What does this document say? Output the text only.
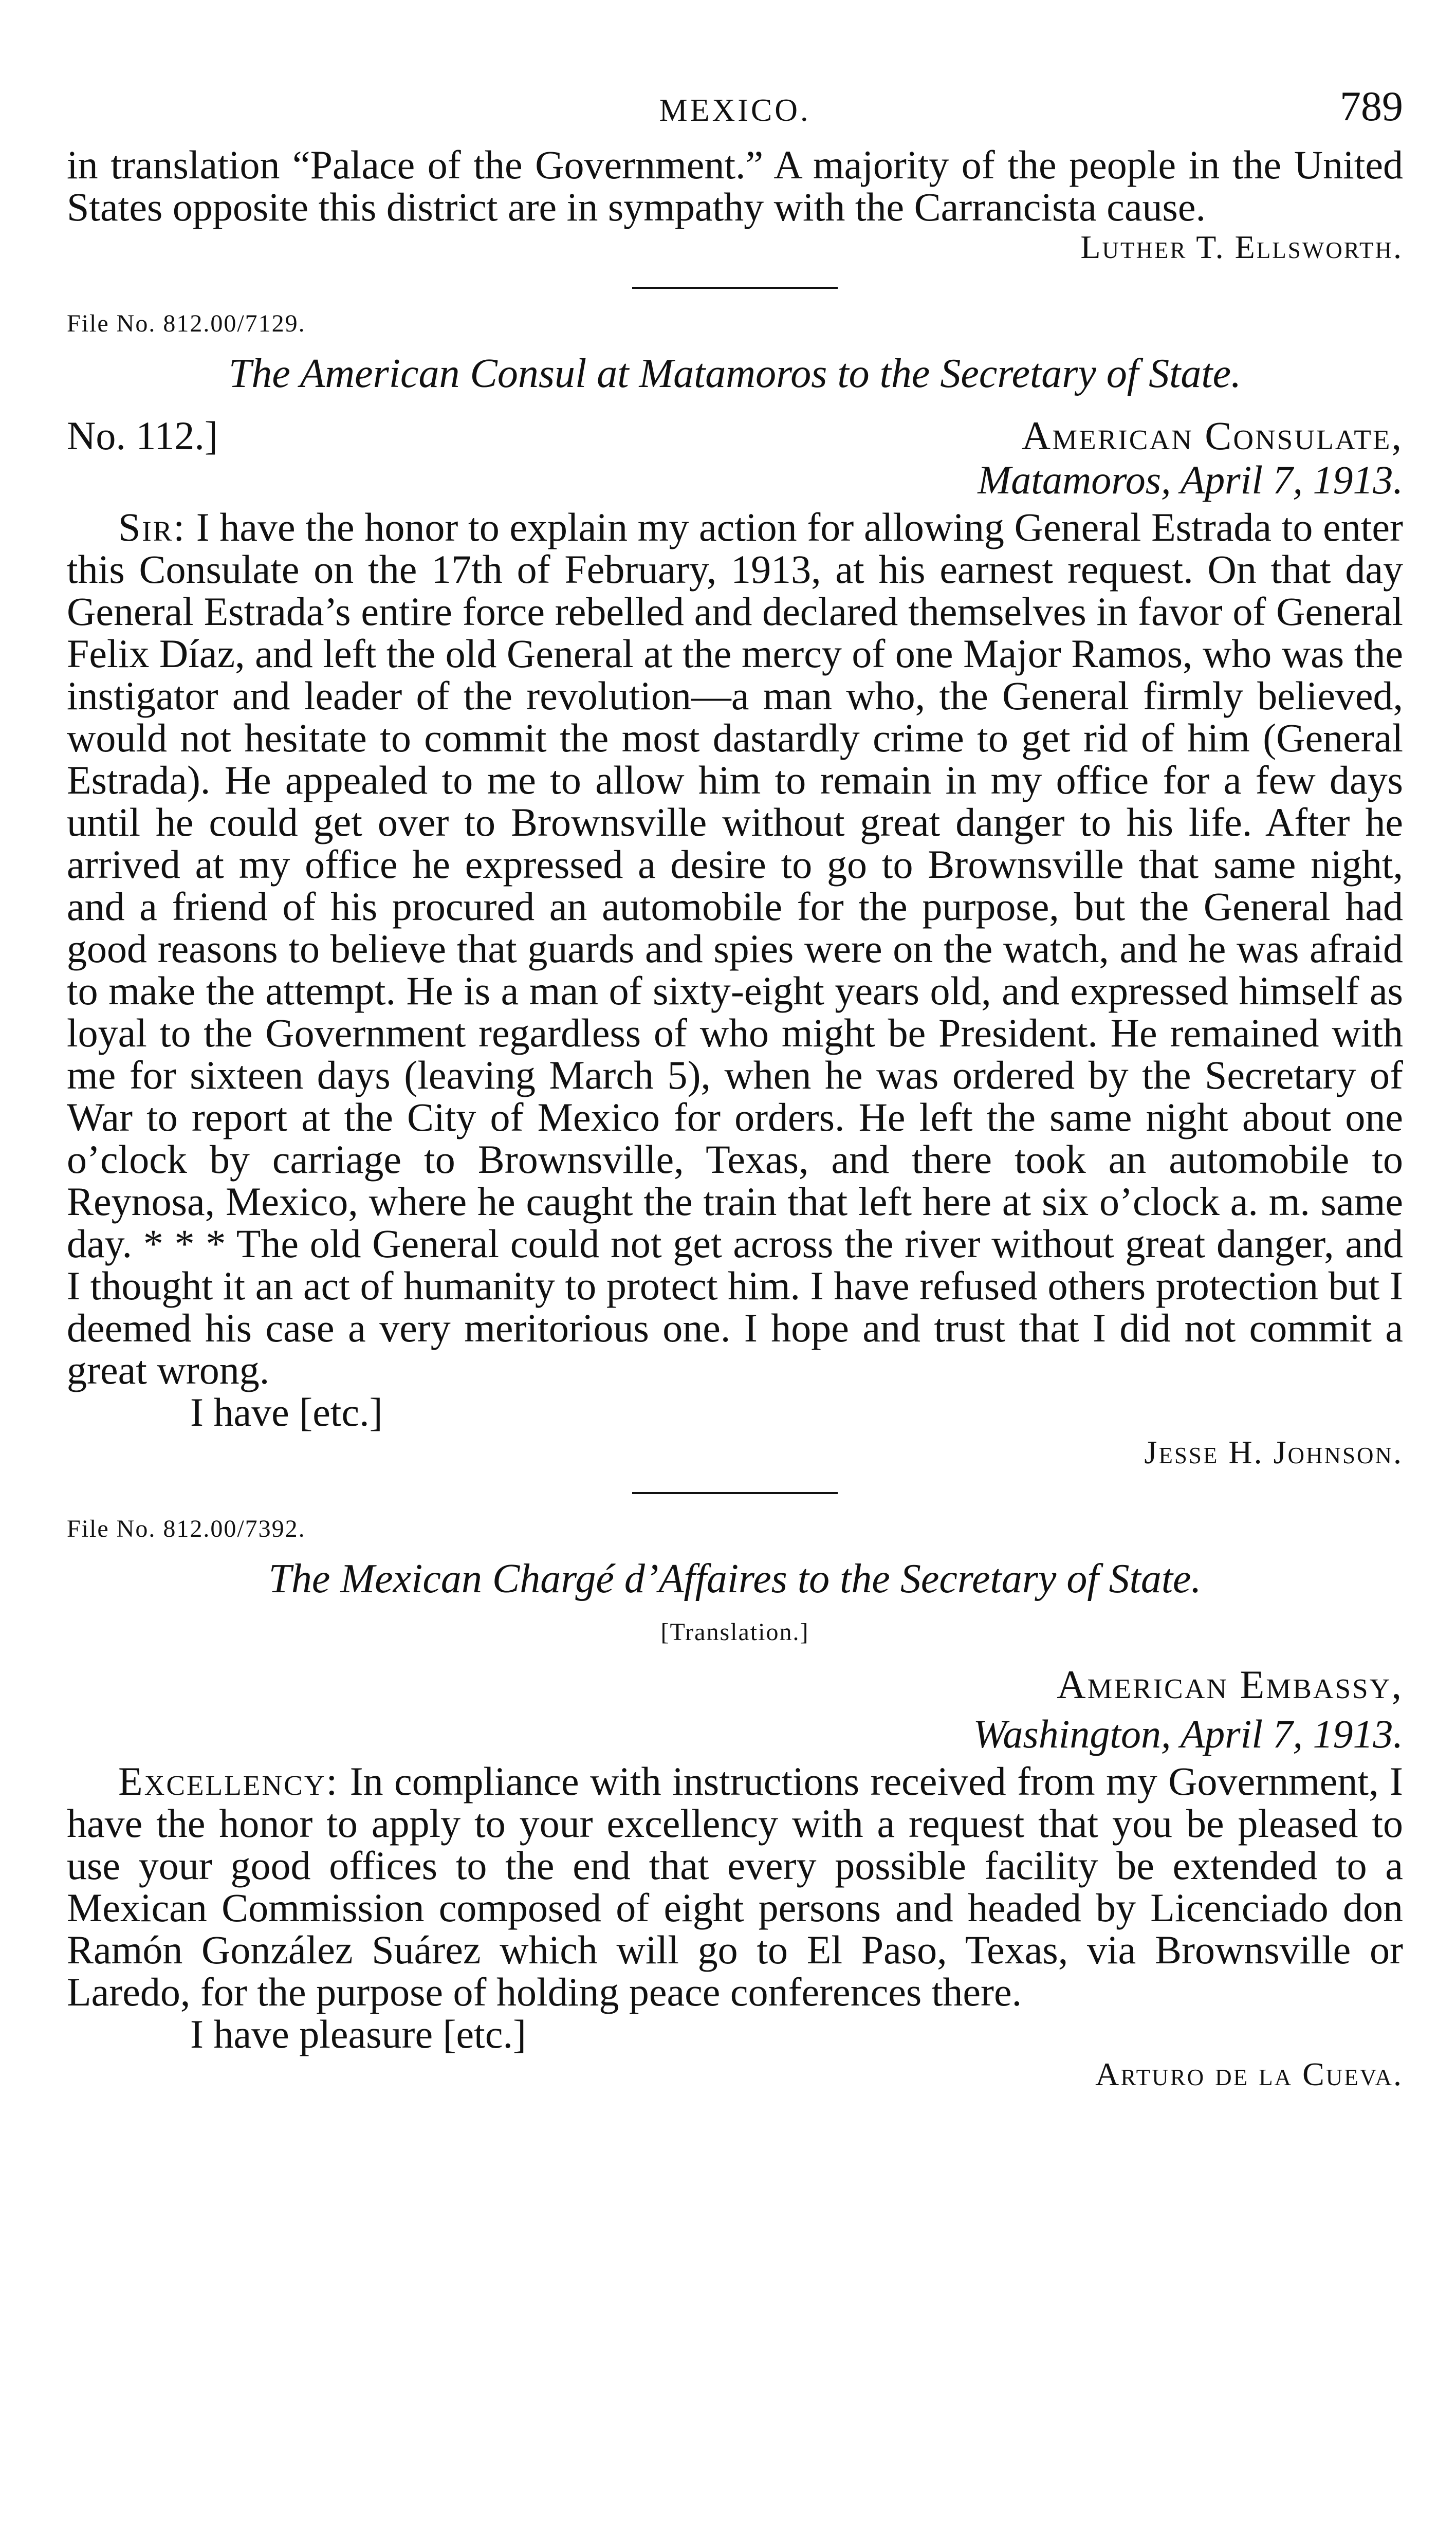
MEXICO.	789

in translation “Palace of the Government.” A majority of the people in the United States opposite this district are in sympathy with the Carrancista cause.

Luther T. Ellsworth.

File No. 812.00/7129.

The American Consul at Matamoros to the Secretary of State.

No. 112.]	American Consulate,

Matamoros, April 7, 1913.

Sir: I have the honor to explain my action for allowing General Estrada to enter this Consulate on the 17th of February, 1913, at his earnest request. On that day General Estrada’s entire force rebelled and declared themselves in favor of General Felix Díaz, and left the old General at the mercy of one Major Ramos, who was the instigator and leader of the revolution—a man who, the General firmly believed, would not hesitate to commit the most dastardly crime to get rid of him (General Estrada). He appealed to me to allow him to remain in my office for a few days until he could get over to Brownsville without great danger to his life. After he arrived at my office he expressed a desire to go to Brownsville that same night, and a friend of his procured an automobile for the purpose, but the General had good reasons to believe that guards and spies were on the watch, and he was afraid to make the attempt. He is a man of sixty-eight years old, and expressed himself as loyal to the Government regardless of who might be President. He remained with me for sixteen days (leaving March 5), when he was ordered by the Secretary of War to report at the City of Mexico for orders. He left the same night about one o’clock by carriage to Brownsville, Texas, and there took an automobile to Reynosa, Mexico, where he caught the train that left here at six o’clock a. m. same day. * * * The old General could not get across the river without great danger, and I thought it an act of humanity to protect him. I have refused others protection but I deemed his case a very meritorious one. I hope and trust that I did not commit a great wrong.

I have [etc.]

Jesse H. Johnson.

File No. 812.00/7392.

The Mexican Chargé d’Affaires to the Secretary of State.

[Translation.]

American Embassy,

Washington, April 7, 1913.

Excellency: In compliance with instructions received from my Government, I have the honor to apply to your excellency with a request that you be pleased to use your good offices to the end that every possible facility be extended to a Mexican Commission composed of eight persons and headed by Licenciado don Ramón González Suárez which will go to El Paso, Texas, via Brownsville or Laredo, for the purpose of holding peace conferences there.

I have pleasure [etc.]

Arturo de la Cueva.
